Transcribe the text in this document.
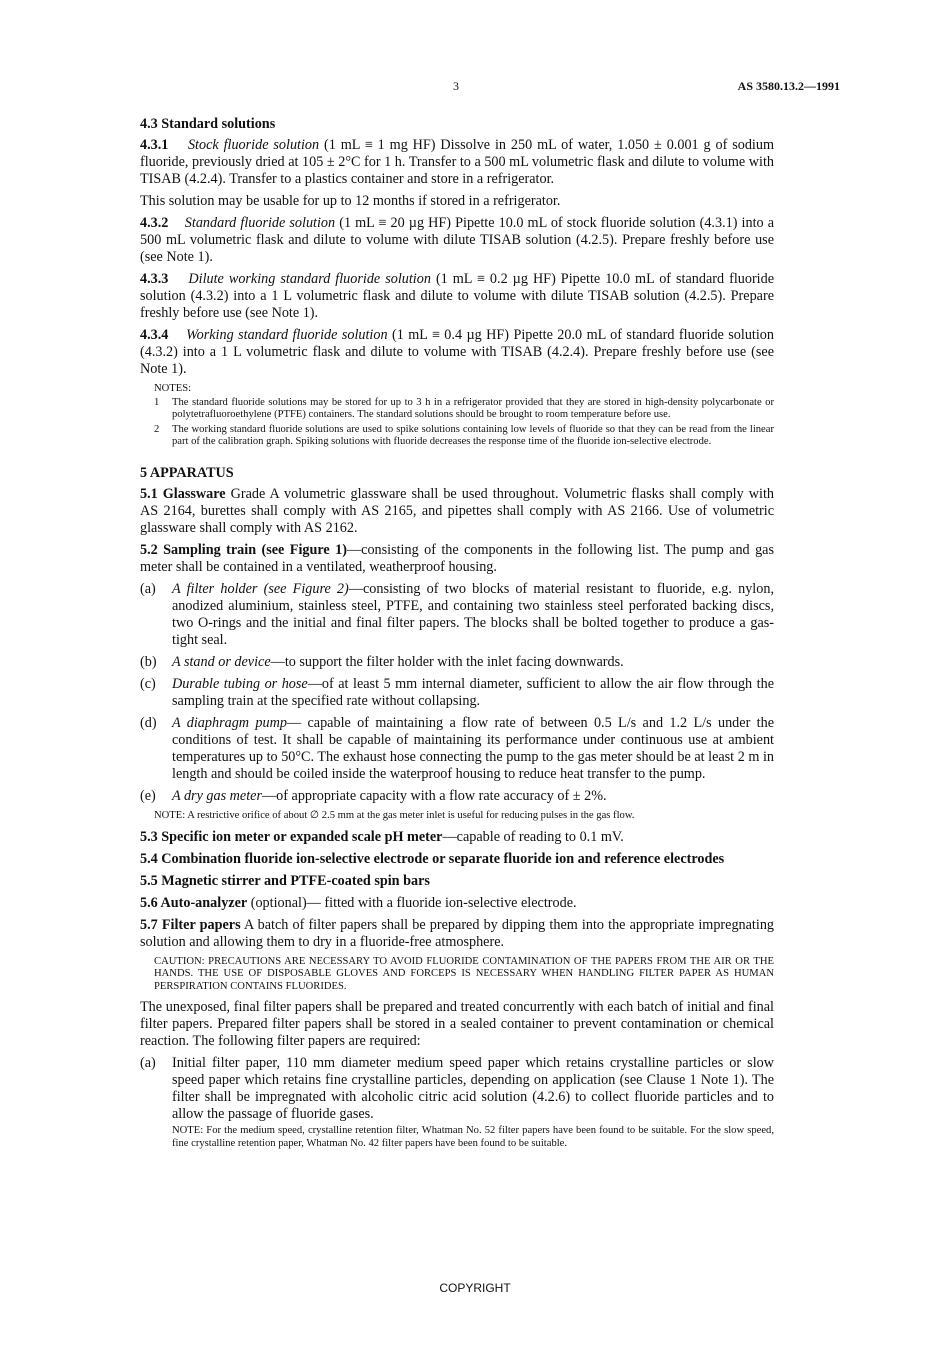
3	AS 3580.13.2—1991
4.3 Standard solutions

4.3.1 Stock fluoride solution (1 mL ≡ 1 mg HF) Dissolve in 250 mL of water, 1.050 ± 0.001 g of sodium fluoride, previously dried at 105 ± 2°C for 1 h. Transfer to a 500 mL volumetric flask and dilute to volume with TISAB (4.2.4). Transfer to a plastics container and store in a refrigerator.

This solution may be usable for up to 12 months if stored in a refrigerator.

4.3.2 Standard fluoride solution (1 mL ≡ 20 µg HF) Pipette 10.0 mL of stock fluoride solution (4.3.1) into a 500 mL volumetric flask and dilute to volume with dilute TISAB solution (4.2.5). Prepare freshly before use (see Note 1).

4.3.3 Dilute working standard fluoride solution (1 mL ≡ 0.2 µg HF) Pipette 10.0 mL of standard fluoride solution (4.3.2) into a 1 L volumetric flask and dilute to volume with dilute TISAB solution (4.2.5). Prepare freshly before use (see Note 1).

4.3.4 Working standard fluoride solution (1 mL ≡ 0.4 µg HF) Pipette 20.0 mL of standard fluoride solution (4.3.2) into a 1 L volumetric flask and dilute to volume with TISAB (4.2.4). Prepare freshly before use (see Note 1).

NOTES:
1	The standard fluoride solutions may be stored for up to 3 h in a refrigerator provided that they are stored in high-density polycarbonate or polytetrafluoroethylene (PTFE) containers. The standard solutions should be brought to room temperature before use.
2	The working standard fluoride solutions are used to spike solutions containing low levels of fluoride so that they can be read from the linear part of the calibration graph. Spiking solutions with fluoride decreases the response time of the fluoride ion-selective electrode.
5 APPARATUS

5.1 Glassware Grade A volumetric glassware shall be used throughout. Volumetric flasks shall comply with AS 2164, burettes shall comply with AS 2165, and pipettes shall comply with AS 2166. Use of volumetric glassware shall comply with AS 2162.

5.2 Sampling train (see Figure 1)—consisting of the components in the following list. The pump and gas meter shall be contained in a ventilated, weatherproof housing.

(a)	A filter holder (see Figure 2)—consisting of two blocks of material resistant to fluoride, e.g. nylon, anodized aluminium, stainless steel, PTFE, and containing two stainless steel perforated backing discs, two O-rings and the initial and final filter papers. The blocks shall be bolted together to produce a gas-tight seal.
(b)	A stand or device—to support the filter holder with the inlet facing downwards.
(c)	Durable tubing or hose—of at least 5 mm internal diameter, sufficient to allow the air flow through the sampling train at the specified rate without collapsing.
(d)	A diaphragm pump— capable of maintaining a flow rate of between 0.5 L/s and 1.2 L/s under the conditions of test. It shall be capable of maintaining its performance under continuous use at ambient temperatures up to 50°C. The exhaust hose connecting the pump to the gas meter should be at least 2 m in length and should be coiled inside the waterproof housing to reduce heat transfer to the pump.
(e)	A dry gas meter—of appropriate capacity with a flow rate accuracy of ± 2%.
NOTE: A restrictive orifice of about ∅ 2.5 mm at the gas meter inlet is useful for reducing pulses in the gas flow.

5.3 Specific ion meter or expanded scale pH meter—capable of reading to 0.1 mV.

5.4 Combination fluoride ion-selective electrode or separate fluoride ion and reference electrodes

5.5 Magnetic stirrer and PTFE-coated spin bars

5.6 Auto-analyzer (optional)— fitted with a fluoride ion-selective electrode.

5.7 Filter papers A batch of filter papers shall be prepared by dipping them into the appropriate impregnating solution and allowing them to dry in a fluoride-free atmosphere.

CAUTION: PRECAUTIONS ARE NECESSARY TO AVOID FLUORIDE CONTAMINATION OF THE PAPERS FROM THE AIR OR THE HANDS. THE USE OF DISPOSABLE GLOVES AND FORCEPS IS NECESSARY WHEN HANDLING FILTER PAPER AS HUMAN PERSPIRATION CONTAINS FLUORIDES.

The unexposed, final filter papers shall be prepared and treated concurrently with each batch of initial and final filter papers. Prepared filter papers shall be stored in a sealed container to prevent contamination or chemical reaction. The following filter papers are required:

(a)	Initial filter paper, 110 mm diameter medium speed paper which retains crystalline particles or slow speed paper which retains fine crystalline particles, depending on application (see Clause 1 Note 1). The filter shall be impregnated with alcoholic citric acid solution (4.2.6) to collect fluoride particles and to allow the passage of fluoride gases.
NOTE: For the medium speed, crystalline retention filter, Whatman No. 52 filter papers have been found to be suitable. For the slow speed, fine crystalline retention paper, Whatman No. 42 filter papers have been found to be suitable.
COPYRIGHT
